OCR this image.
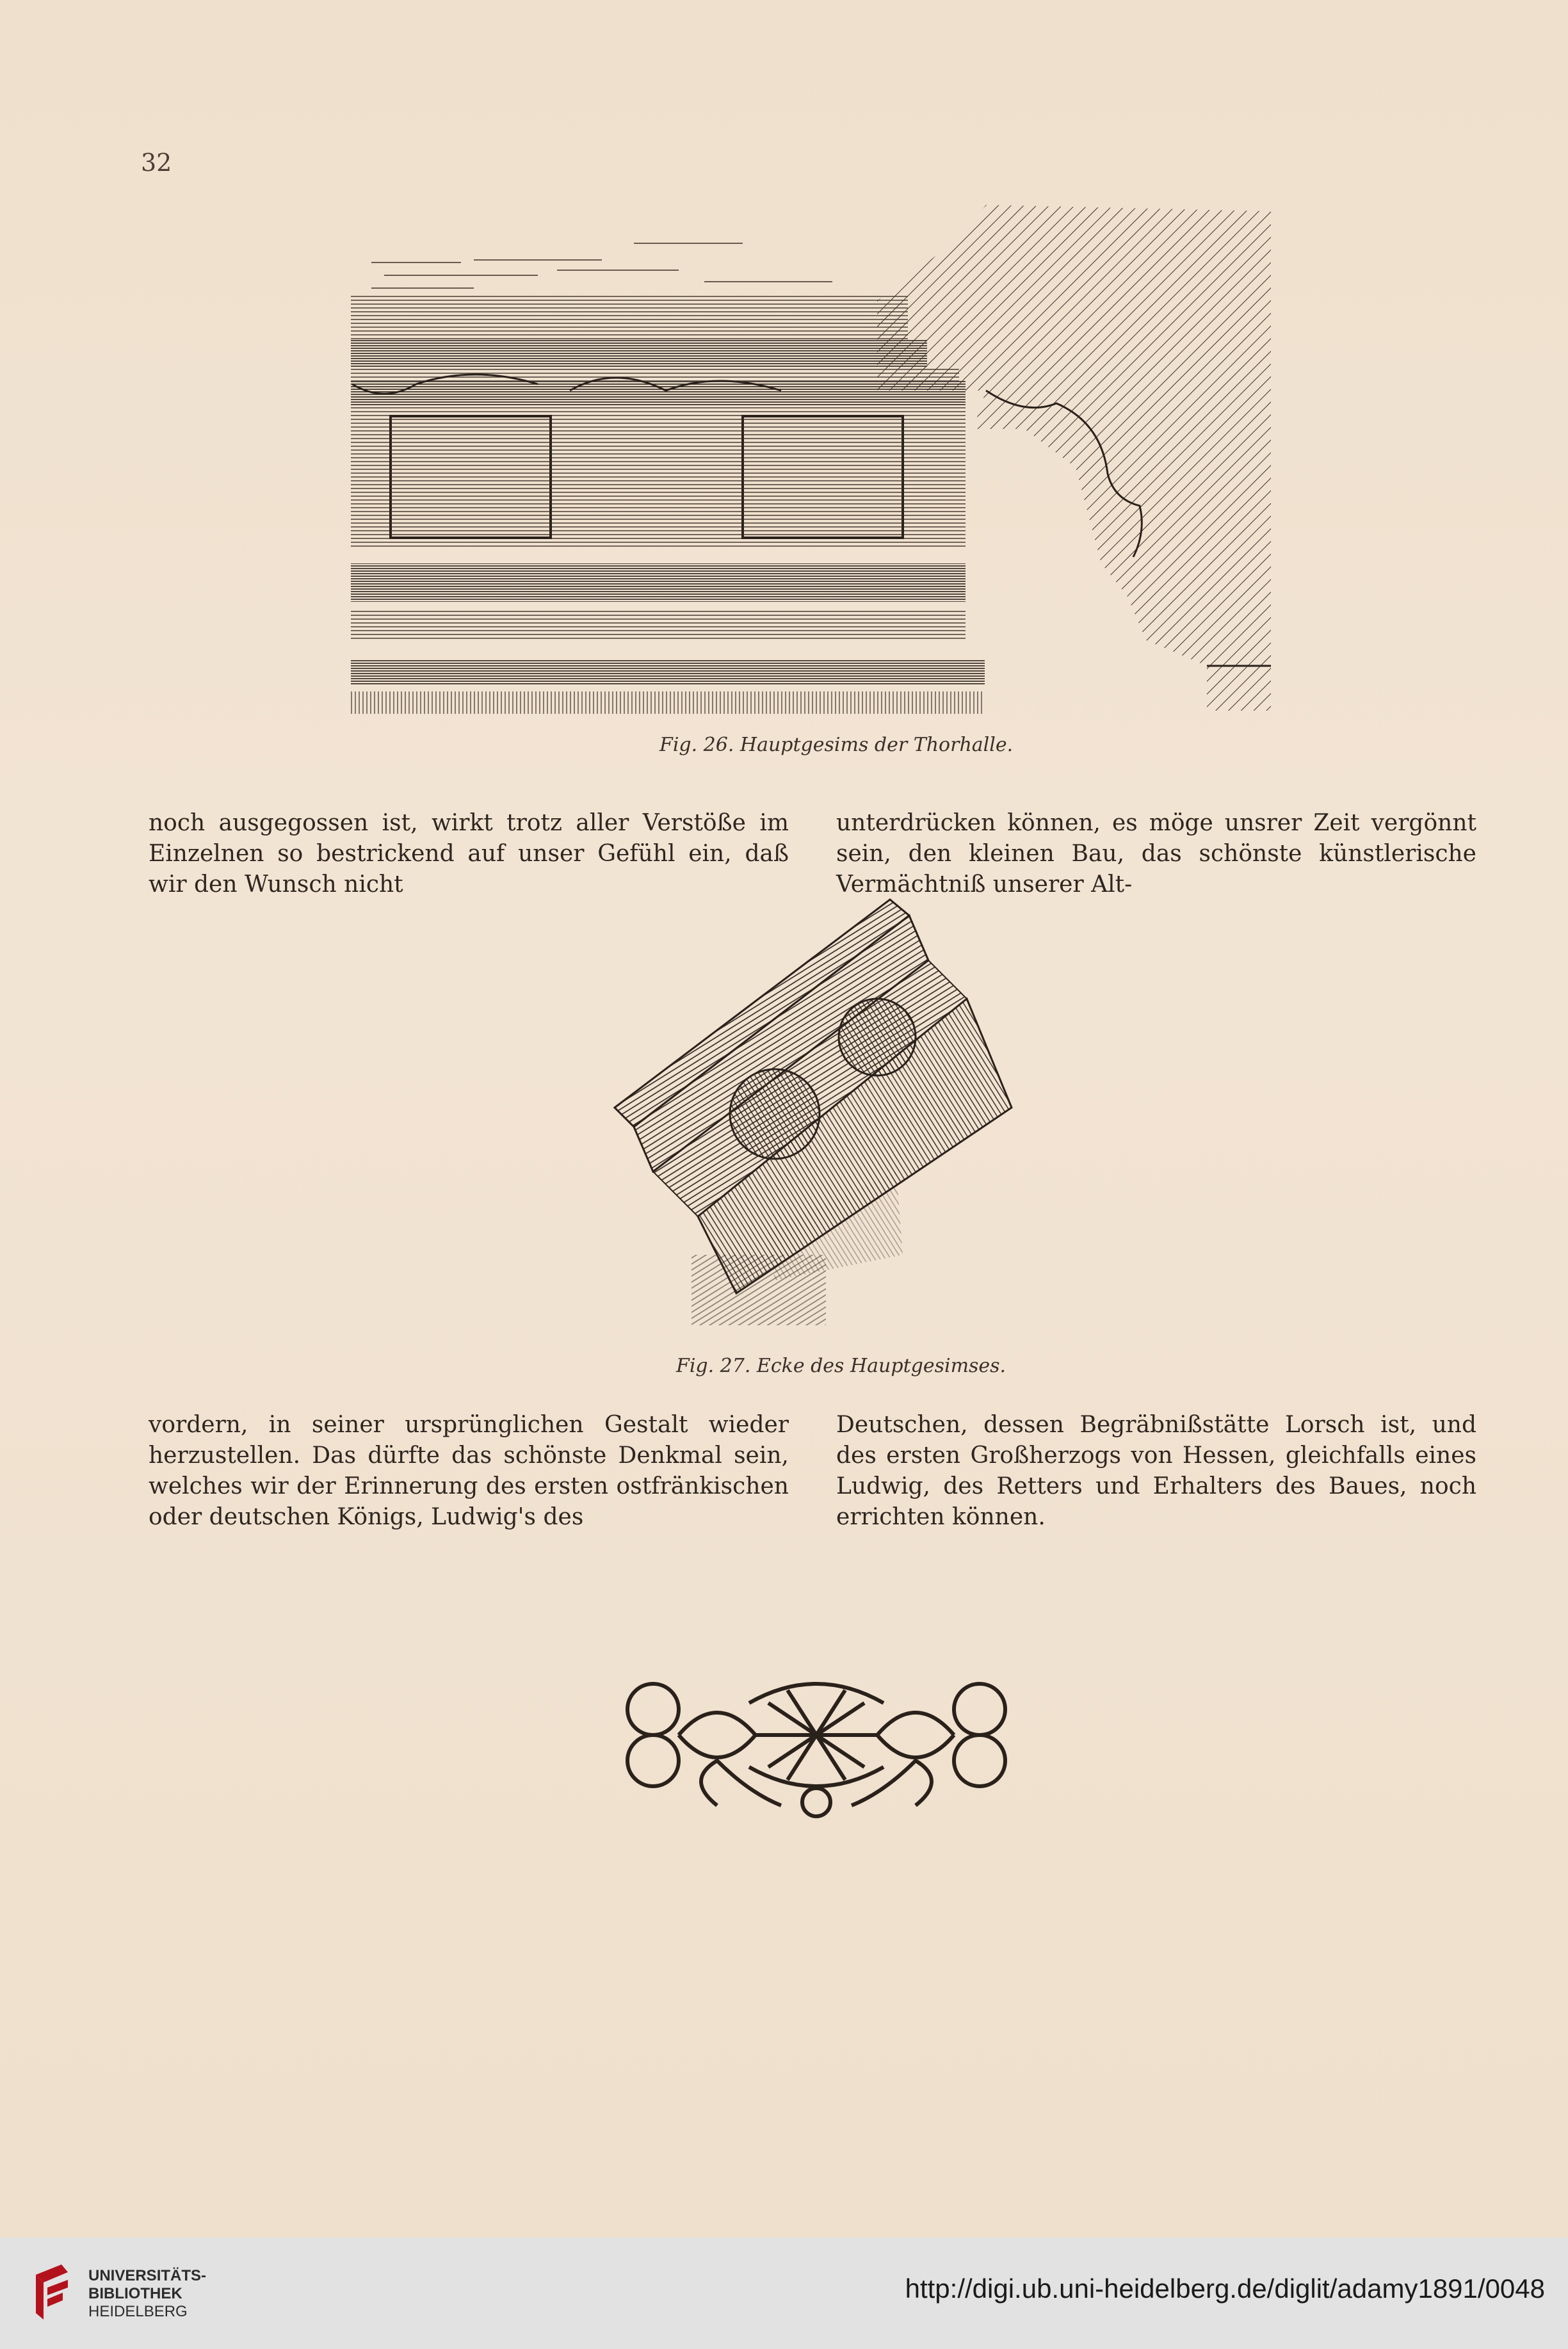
32
Fig. 26. Hauptgesims der Thorhalle.

noch ausgegossen ist, wirkt trotz aller Verstöße im Einzelnen so bestrickend auf unser Gefühl ein, daß wir den Wunsch nicht

unterdrücken können, es möge unsrer Zeit vergönnt sein, den kleinen Bau, das schönste künstlerische Vermächtniß unserer Alt-

Fig. 27. Ecke des Hauptgesimses.

vordern, in seiner ursprünglichen Gestalt wieder herzustellen. Das dürfte das schönste Denkmal sein, welches wir der Erinnerung des ersten ostfränkischen oder deutschen Königs, Ludwig's des

Deutschen, dessen Begräbnißstätte Lorsch ist, und des ersten Großherzogs von Hessen, gleichfalls eines Ludwig, des Retters und Erhalters des Baues, noch errichten können.

UNIVERSITÄTS-
BIBLIOTHEK
HEIDELBERG
http://digi.ub.uni-heidelberg.de/diglit/adamy1891/0048
